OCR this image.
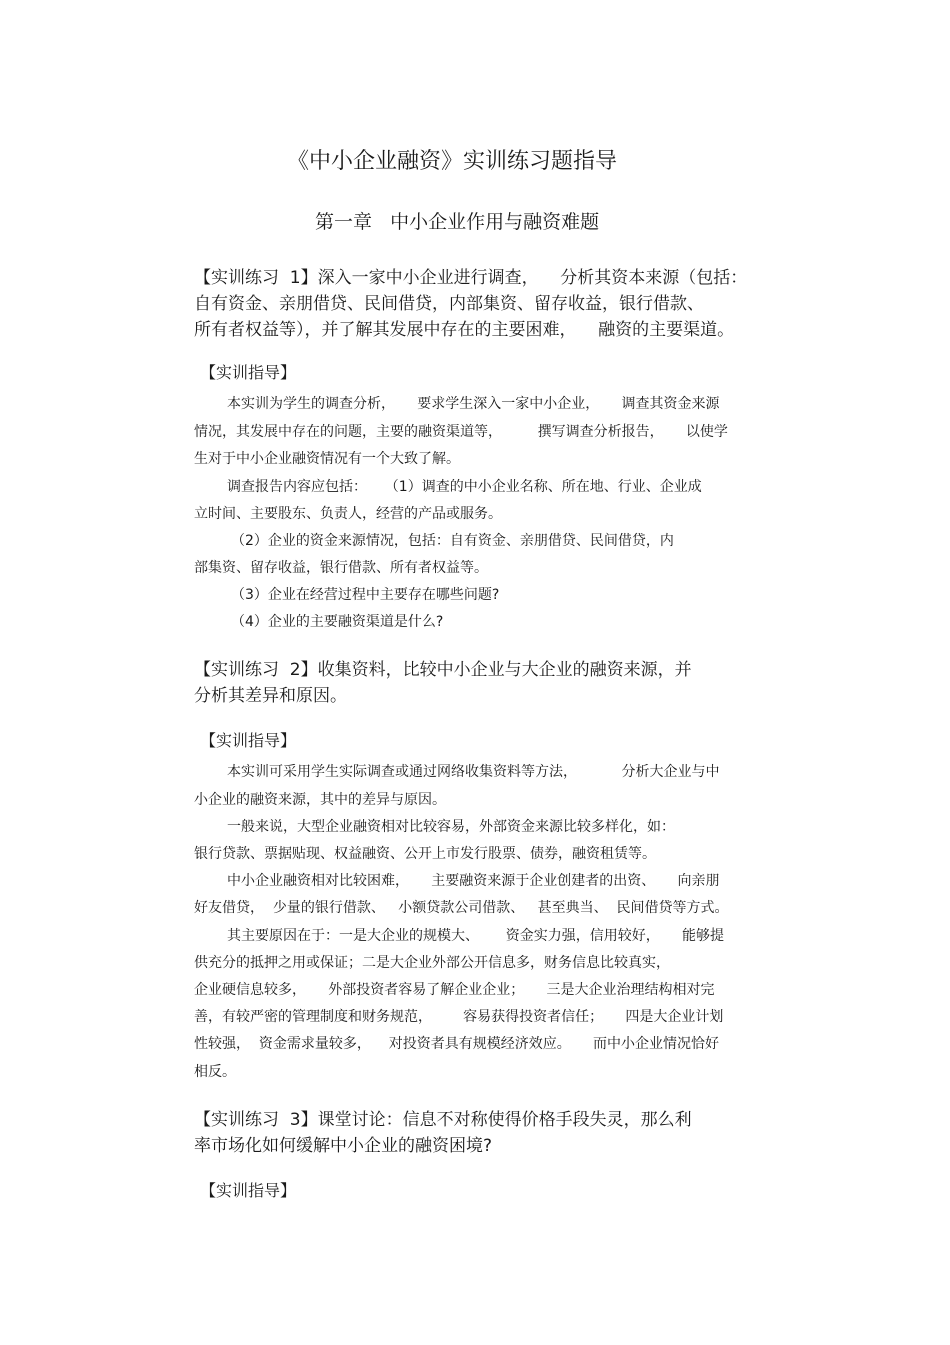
《中小企业融资》实训练习题指导
第一章   中小企业作用与融资难题
【实训练习  1】深入一家中小企业进行调查，    分析其资本来源（包括：
自有资金、亲朋借贷、民间借贷，内部集资、留存收益，银行借款、
所有者权益等），并了解其发展中存在的主要困难，    融资的主要渠道。
【实训指导】
本实训为学生的调查分析，     要求学生深入一家中小企业，     调查其资金来源
情况，其发展中存在的问题，主要的融资渠道等，        撰写调查分析报告，     以使学
生对于中小企业融资情况有一个大致了解。
调查报告内容应包括：    （1）调查的中小企业名称、所在地、行业、企业成
立时间、主要股东、负责人，经营的产品或服务。
（2）企业的资金来源情况，包括：自有资金、亲朋借贷、民间借贷，内
部集资、留存收益，银行借款、所有者权益等。
（3）企业在经营过程中主要存在哪些问题?
（4）企业的主要融资渠道是什么?
【实训练习  2】收集资料，比较中小企业与大企业的融资来源，并
分析其差异和原因。
【实训指导】
本实训可采用学生实际调查或通过网络收集资料等方法，          分析大企业与中
小企业的融资来源，其中的差异与原因。
一般来说，大型企业融资相对比较容易，外部资金来源比较多样化，如：
银行贷款、票据贴现、权益融资、公开上市发行股票、债券，融资租赁等。
中小企业融资相对比较困难，     主要融资来源于企业创建者的出资、     向亲朋
好友借贷，  少量的银行借款、   小额贷款公司借款、   甚至典当、  民间借贷等方式。
其主要原因在于：一是大企业的规模大、      资金实力强，信用较好，     能够提
供充分的抵押之用或保证；二是大企业外部公开信息多，财务信息比较真实，
企业硬信息较多，     外部投资者容易了解企业企业；     三是大企业治理结构相对完
善，有较严密的管理制度和财务规范，       容易获得投资者信任；     四是大企业计划
性较强，  资金需求量较多，    对投资者具有规模经济效应。     而中小企业情况恰好
相反。
【实训练习  3】课堂讨论：信息不对称使得价格手段失灵，那么利
率市场化如何缓解中小企业的融资困境?
【实训指导】
